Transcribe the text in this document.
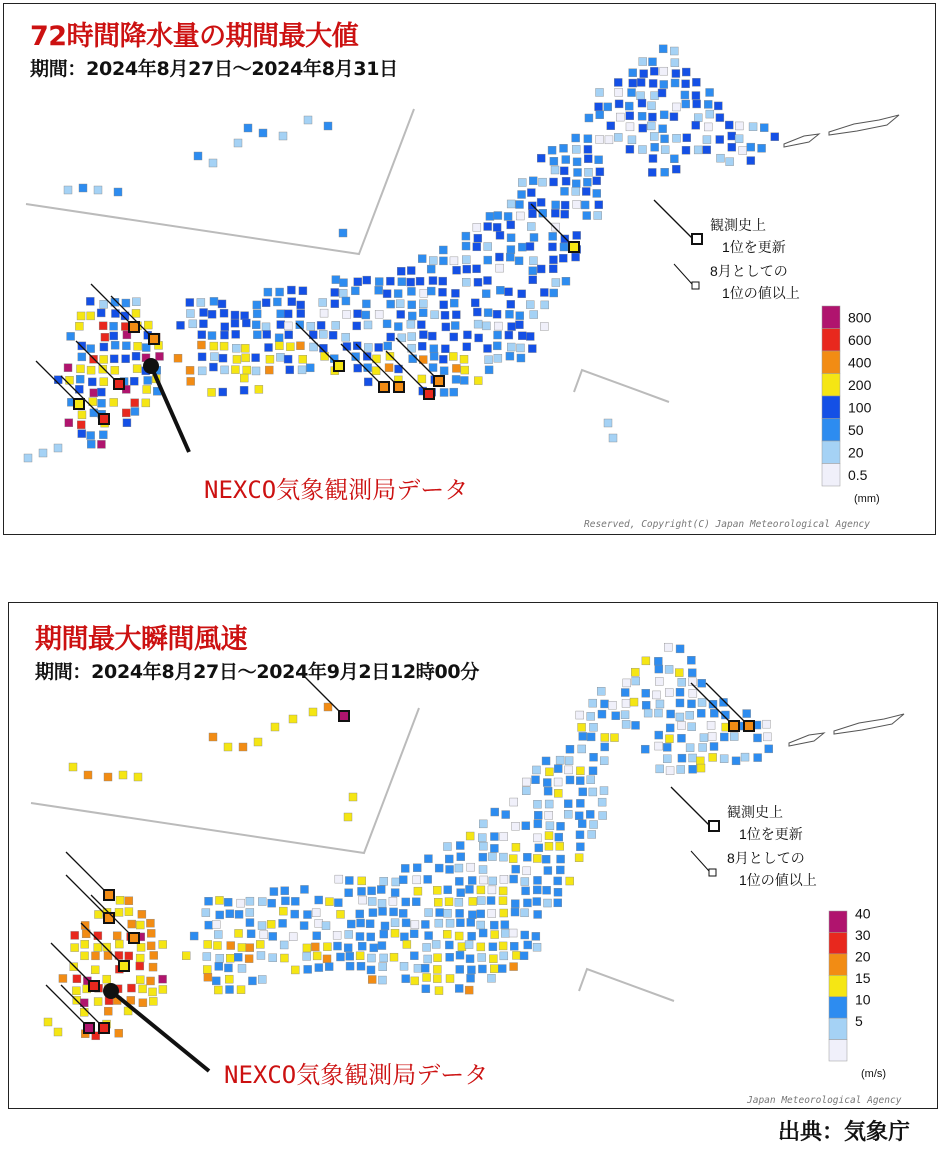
観測史上
1位を更新
8月としての
1位の値以上
800
600
400
200
100
50
20
0.5
(mm)
72時間降水量の期間最大値
期間：2024年8月27日～2024年8月31日

NEXCO気象観測局データ

Reserved, Copyright(C) Japan Meteorological Agency
観測史上
1位を更新
8月としての
1位の値以上
40
30
20
15
10
5
(m/s)
期間最大瞬間風速
期間：2024年8月27日～2024年9月2日12時00分

NEXCO気象観測局データ

Japan Meteorological Agency
出典：気象庁
